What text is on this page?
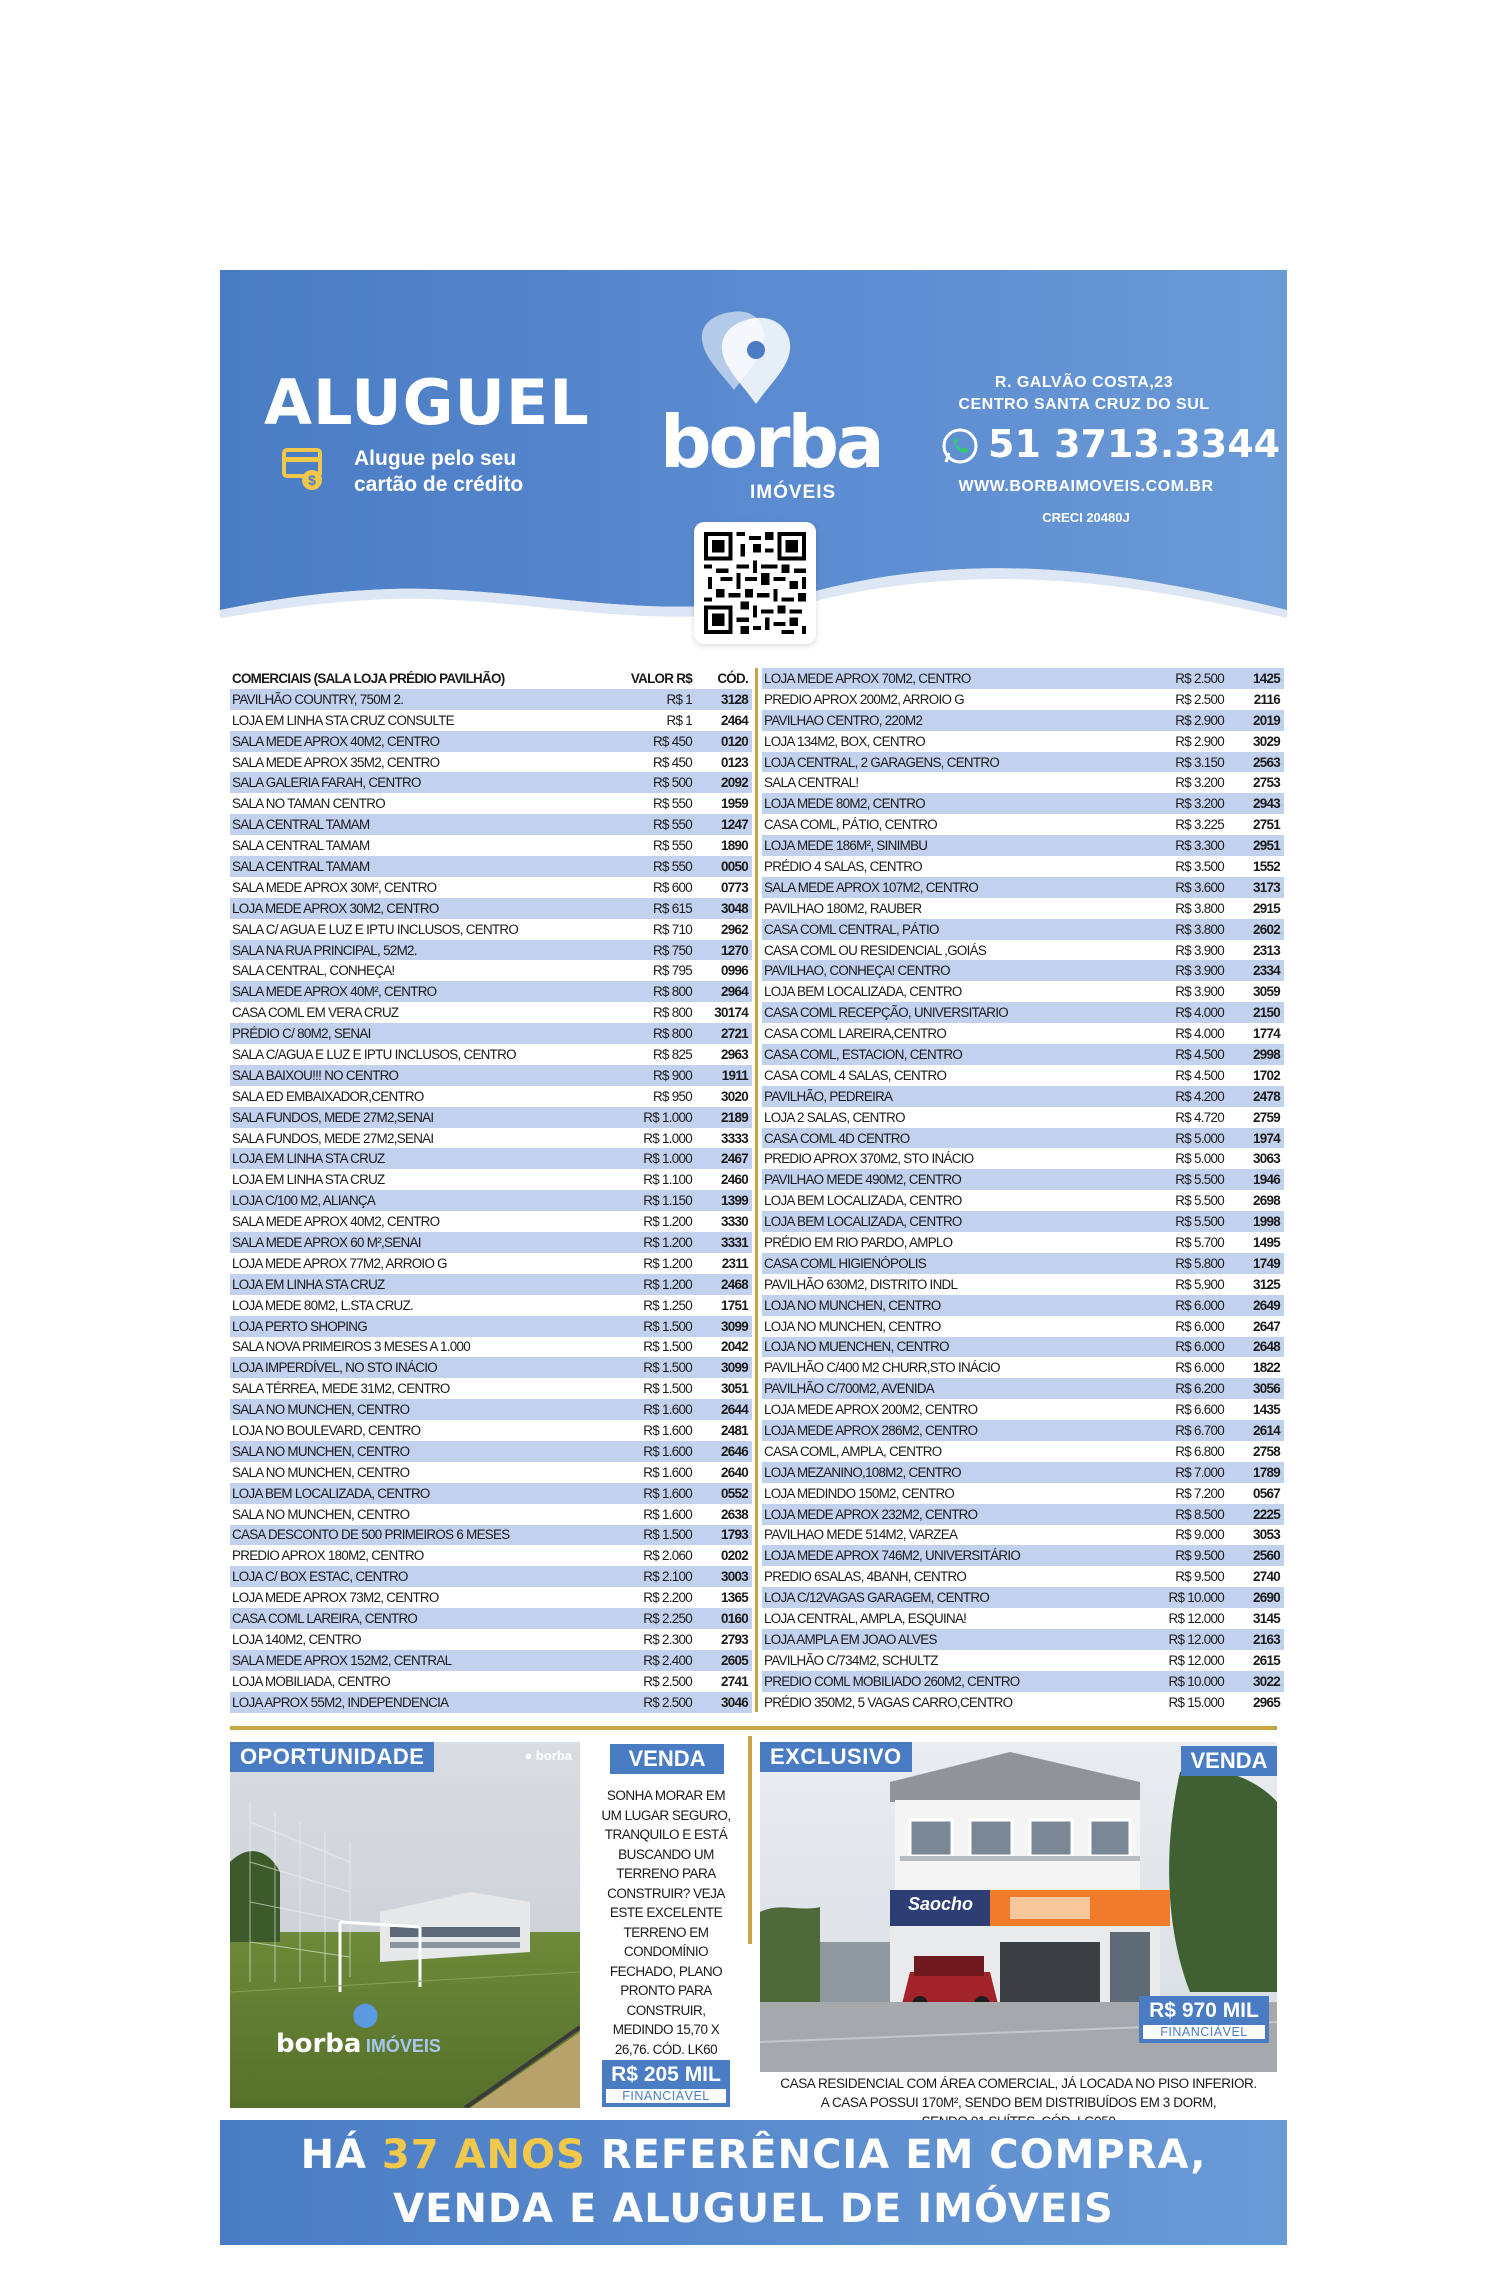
ALUGUEL
$
Alugue pelo seu
cartão de crédito
borba
IMÓVEIS
R. GALVÃO COSTA,23
CENTRO SANTA CRUZ DO SUL
51 3713.3344
WWW.BORBAIMOVEIS.COM.BR
CRECI 20480J
COMERCIAIS (SALA LOJA PRÉDIO PAVILHÃO)	VALOR R$	CÓD.
PAVILHÃO COUNTRY, 750M 2.	R$ 1	3128
LOJA EM LINHA STA CRUZ CONSULTE	R$ 1	2464
SALA MEDE APROX 40M2, CENTRO	R$ 450	0120
SALA MEDE APROX 35M2, CENTRO	R$ 450	0123
SALA GALERIA FARAH, CENTRO	R$ 500	2092
SALA NO TAMAN CENTRO	R$ 550	1959
SALA CENTRAL TAMAM	R$ 550	1247
SALA CENTRAL TAMAM	R$ 550	1890
SALA CENTRAL TAMAM	R$ 550	0050
SALA MEDE APROX 30M², CENTRO	R$ 600	0773
LOJA MEDE APROX 30M2, CENTRO	R$ 615	3048
SALA C/ AGUA E LUZ E IPTU INCLUSOS, CENTRO	R$ 710	2962
SALA NA RUA PRINCIPAL, 52M2.	R$ 750	1270
SALA CENTRAL, CONHEÇA!	R$ 795	0996
SALA MEDE APROX 40M², CENTRO	R$ 800	2964
CASA COML EM VERA CRUZ	R$ 800	30174
PRÉDIO C/ 80M2, SENAI	R$ 800	2721
SALA C/AGUA E LUZ E IPTU INCLUSOS, CENTRO	R$ 825	2963
SALA BAIXOU!!! NO CENTRO	R$ 900	1911
SALA ED EMBAIXADOR,CENTRO	R$ 950	3020
SALA FUNDOS, MEDE 27M2,SENAI	R$ 1.000	2189
SALA FUNDOS, MEDE 27M2,SENAI	R$ 1.000	3333
LOJA EM LINHA STA CRUZ	R$ 1.000	2467
LOJA EM LINHA STA CRUZ	R$ 1.100	2460
LOJA C/100 M2, ALIANÇA	R$ 1.150	1399
SALA MEDE APROX 40M2, CENTRO	R$ 1.200	3330
SALA MEDE APROX 60 M²,SENAI	R$ 1.200	3331
LOJA MEDE APROX 77M2, ARROIO G	R$ 1.200	2311
LOJA EM LINHA STA CRUZ	R$ 1.200	2468
LOJA MEDE 80M2, L.STA CRUZ.	R$ 1.250	1751
LOJA PERTO SHOPING	R$ 1.500	3099
SALA NOVA PRIMEIROS 3 MESES A 1.000	R$ 1.500	2042
LOJA IMPERDÍVEL, NO STO INÁCIO	R$ 1.500	3099
SALA TÉRREA, MEDE 31M2, CENTRO	R$ 1.500	3051
SALA NO MUNCHEN, CENTRO	R$ 1.600	2644
LOJA NO BOULEVARD, CENTRO	R$ 1.600	2481
SALA NO MUNCHEN, CENTRO	R$ 1.600	2646
SALA NO MUNCHEN, CENTRO	R$ 1.600	2640
LOJA BEM LOCALIZADA, CENTRO	R$ 1.600	0552
SALA NO MUNCHEN, CENTRO	R$ 1.600	2638
CASA DESCONTO DE 500 PRIMEIROS 6 MESES	R$ 1.500	1793
PREDIO APROX 180M2, CENTRO	R$ 2.060	0202
LOJA C/ BOX ESTAC, CENTRO	R$ 2.100	3003
LOJA MEDE APROX 73M2, CENTRO	R$ 2.200	1365
CASA COML LAREIRA, CENTRO	R$ 2.250	0160
LOJA 140M2, CENTRO	R$ 2.300	2793
SALA MEDE APROX 152M2, CENTRAL	R$ 2.400	2605
LOJA MOBILIADA, CENTRO	R$ 2.500	2741
LOJA APROX 55M2, INDEPENDENCIA	R$ 2.500	3046
LOJA MEDE APROX 70M2, CENTRO	R$ 2.500	1425
PREDIO APROX 200M2, ARROIO G	R$ 2.500	2116
PAVILHAO CENTRO, 220M2	R$ 2.900	2019
LOJA 134M2, BOX, CENTRO	R$ 2.900	3029
LOJA CENTRAL, 2 GARAGENS, CENTRO	R$ 3.150	2563
SALA CENTRAL!	R$ 3.200	2753
LOJA MEDE 80M2, CENTRO	R$ 3.200	2943
CASA COML, PÁTIO, CENTRO	R$ 3.225	2751
LOJA MEDE 186M², SINIMBU	R$ 3.300	2951
PRÉDIO 4 SALAS, CENTRO	R$ 3.500	1552
SALA MEDE APROX 107M2, CENTRO	R$ 3.600	3173
PAVILHAO 180M2, RAUBER	R$ 3.800	2915
CASA COML CENTRAL, PÁTIO	R$ 3.800	2602
CASA COML OU RESIDENCIAL ,GOIÁS	R$ 3.900	2313
PAVILHAO, CONHEÇA! CENTRO	R$ 3.900	2334
LOJA BEM LOCALIZADA, CENTRO	R$ 3.900	3059
CASA COML RECEPÇÃO, UNIVERSITARIO	R$ 4.000	2150
CASA COML LAREIRA,CENTRO	R$ 4.000	1774
CASA COML, ESTACION, CENTRO	R$ 4.500	2998
CASA COML 4 SALAS, CENTRO	R$ 4.500	1702
PAVILHÃO, PEDREIRA	R$ 4.200	2478
LOJA 2 SALAS, CENTRO	R$ 4.720	2759
CASA COML 4D CENTRO	R$ 5.000	1974
PREDIO APROX 370M2, STO INÁCIO	R$ 5.000	3063
PAVILHAO MEDE 490M2, CENTRO	R$ 5.500	1946
LOJA BEM LOCALIZADA, CENTRO	R$ 5.500	2698
LOJA BEM LOCALIZADA, CENTRO	R$ 5.500	1998
PRÉDIO EM RIO PARDO, AMPLO	R$ 5.700	1495
CASA COML HIGIENÓPOLIS	R$ 5.800	1749
PAVILHÃO 630M2, DISTRITO INDL	R$ 5.900	3125
LOJA NO MUNCHEN, CENTRO	R$ 6.000	2649
LOJA NO MUNCHEN, CENTRO	R$ 6.000	2647
LOJA NO MUENCHEN, CENTRO	R$ 6.000	2648
PAVILHÃO C/400 M2 CHURR,STO INÁCIO	R$ 6.000	1822
PAVILHÃO C/700M2, AVENIDA	R$ 6.200	3056
LOJA MEDE APROX 200M2, CENTRO	R$ 6.600	1435
LOJA MEDE APROX 286M2, CENTRO	R$ 6.700	2614
CASA COML, AMPLA, CENTRO	R$ 6.800	2758
LOJA MEZANINO,108M2, CENTRO	R$ 7.000	1789
LOJA MEDINDO 150M2, CENTRO	R$ 7.200	0567
LOJA MEDE APROX 232M2, CENTRO	R$ 8.500	2225
PAVILHAO MEDE 514M2, VARZEA	R$ 9.000	3053
LOJA MEDE APROX 746M2, UNIVERSITÁRIO	R$ 9.500	2560
PREDIO 6SALAS, 4BANH, CENTRO	R$ 9.500	2740
LOJA C/12VAGAS GARAGEM, CENTRO	R$ 10.000	2690
LOJA CENTRAL, AMPLA, ESQUINA!	R$ 12.000	3145
LOJA AMPLA EM JOAO ALVES	R$ 12.000	2163
PAVILHÃO C/734M2, SCHULTZ	R$ 12.000	2615
PREDIO COML MOBILIADO 260M2, CENTRO	R$ 10.000	3022
PRÉDIO 350M2, 5 VAGAS CARRO,CENTRO	R$ 15.000	2965
OPORTUNIDADE	● borba
⬤
borba IMÓVEIS
VENDA
SONHA MORAR EM UM LUGAR SEGURO, TRANQUILO E ESTÁ BUSCANDO UM TERRENO PARA CONSTRUIR? VEJA ESTE EXCELENTE TERRENO EM CONDOMÍNIO FECHADO, PLANO PRONTO PARA CONSTRUIR, MEDINDO 15,70 X 26,76. CÓD. LK60
R$ 205 MIL
FINANCIÁVEL
EXCLUSIVO	VENDA
Saocho
R$ 970 MIL
FINANCIÁVEL
CASA RESIDENCIAL COM ÁREA COMERCIAL, JÁ LOCADA NO PISO INFERIOR.
A CASA POSSUI 170M², SENDO BEM DISTRIBUÍDOS EM 3 DORM,
HÁ 37 ANOS REFERÊNCIA EM COMPRA,
VENDA E ALUGUEL DE IMÓVEIS
